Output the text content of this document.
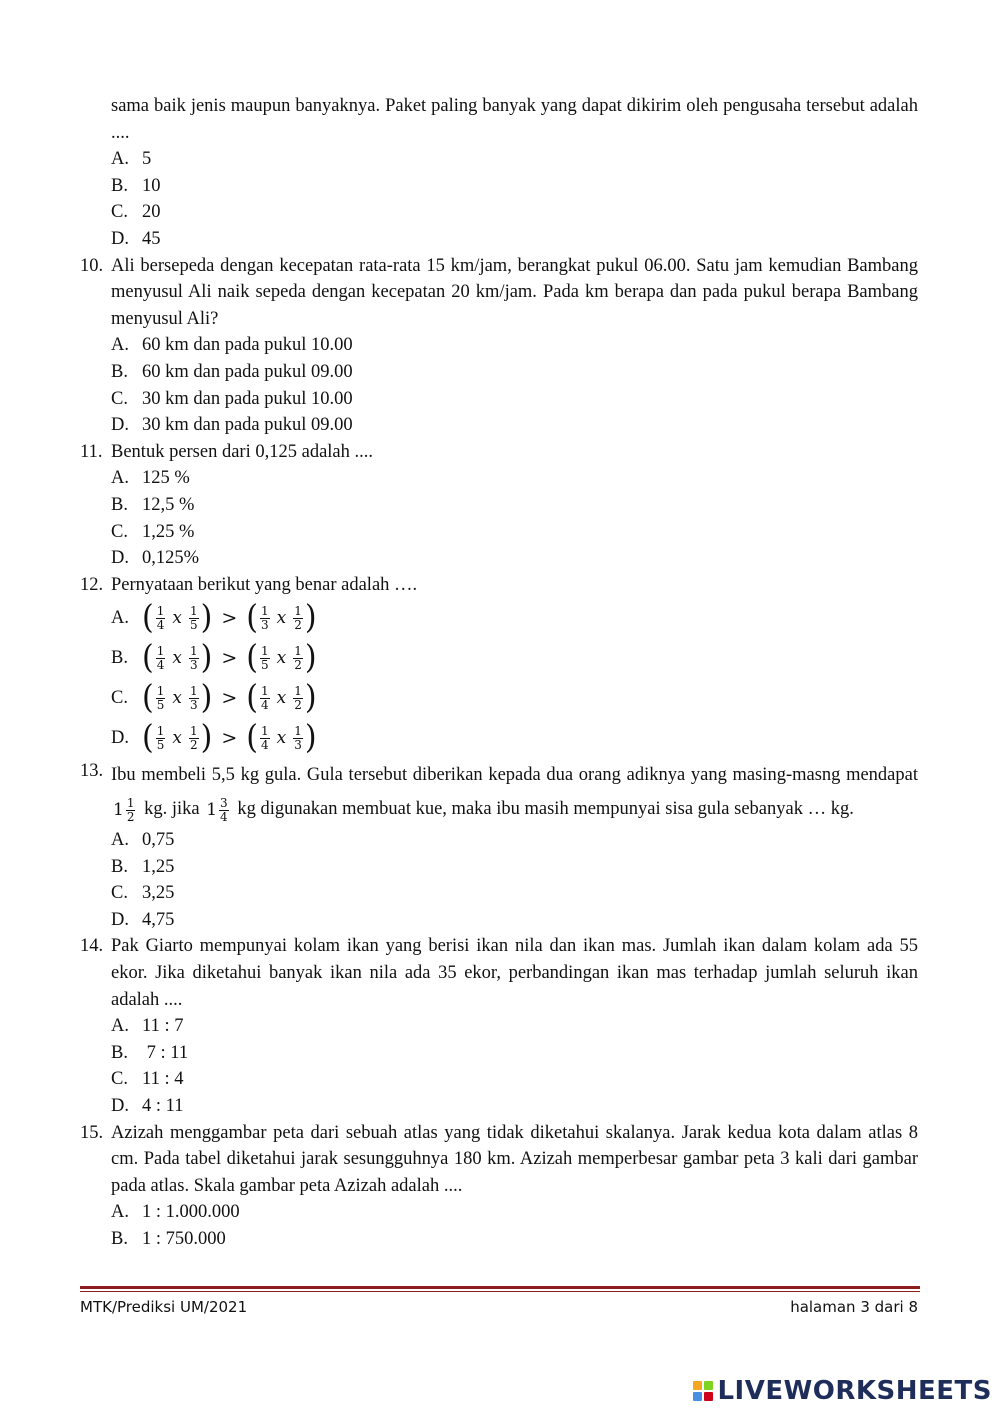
sama baik jenis maupun banyaknya. Paket paling banyak yang dapat dikirim oleh pengusaha tersebut adalah ....
A. 5
B. 10
C. 20
D. 45
10. Ali bersepeda dengan kecepatan rata-rata 15 km/jam, berangkat pukul 06.00. Satu jam kemudian Bambang menyusul Ali naik sepeda dengan kecepatan 20 km/jam. Pada km berapa dan pada pukul berapa Bambang menyusul Ali?
A. 60 km dan pada pukul 10.00
B. 60 km dan pada pukul 09.00
C. 30 km dan pada pukul 10.00
D. 30 km dan pada pukul 09.00
11. Bentuk persen dari 0,125 adalah ....
A. 125 %
B. 12,5 %
C. 1,25 %
D. 0,125%
12. Pernyataan berikut yang benar adalah ….
A. ( $\frac{1}{4}$ x $\frac{1}{5}$ ) > ( $\frac{1}{3}$ x $\frac{1}{2}$ )
B. ( $\frac{1}{4}$ x $\frac{1}{3}$ ) > ( $\frac{1}{5}$ x $\frac{1}{2}$ )
C. ( $\frac{1}{5}$ x $\frac{1}{3}$ ) > ( $\frac{1}{4}$ x $\frac{1}{2}$ )
D. ( $\frac{1}{5}$ x $\frac{1}{2}$ ) > ( $\frac{1}{4}$ x $\frac{1}{3}$ )
13. Ibu membeli 5,5 kg gula. Gula tersebut diberikan kepada dua orang adiknya yang masing-masng mendapat
$1 \frac{1}{2}$ kg. jika $1 \frac{3}{4}$ kg digunakan membuat kue, maka ibu masih mempunyai sisa gula sebanyak … kg.
A. 0,75
B. 1,25
C. 3,25
D. 4,75
14. Pak Giarto mempunyai kolam ikan yang berisi ikan nila dan ikan mas. Jumlah ikan dalam kolam ada 55 ekor. Jika diketahui banyak ikan nila ada 35 ekor, perbandingan ikan mas terhadap jumlah seluruh ikan adalah ....
A. 11 : 7
B. 7 : 11
C. 11 : 4
D. 4 : 11
15. Azizah menggambar peta dari sebuah atlas yang tidak diketahui skalanya. Jarak kedua kota dalam atlas 8 cm. Pada tabel diketahui jarak sesungguhnya 180 km. Azizah memperbesar gambar peta 3 kali dari gambar pada atlas. Skala gambar peta Azizah adalah ....
A. 1 : 1.000.000
B. 1 : 750.000
MTK/Prediksi UM/2021	halaman 3 dari 8
LIVEWORKSHEETS
